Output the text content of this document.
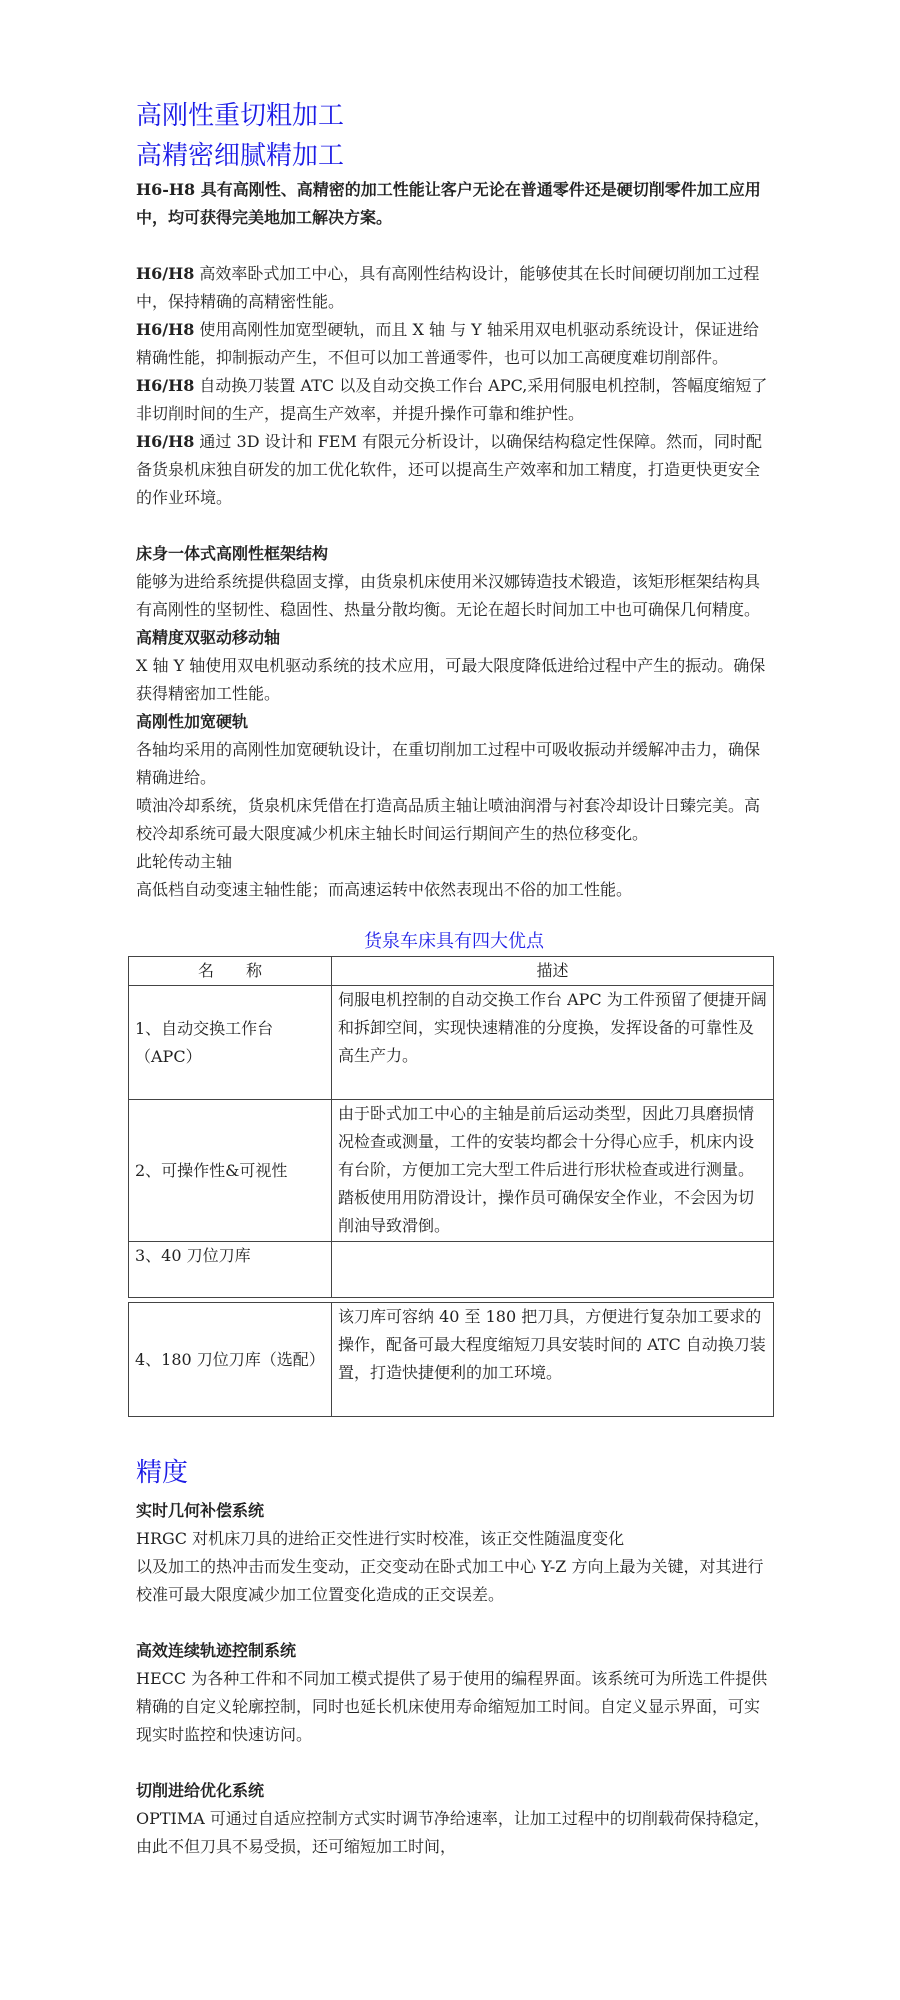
高刚性重切粗加工
高精密细腻精加工

H6-H8 具有高刚性、高精密的加工性能让客户无论在普通零件还是硬切削零件加工应用中，均可获得完美地加工解决方案。

H6/H8 高效率卧式加工中心，具有高刚性结构设计，能够使其在长时间硬切削加工过程中，保持精确的高精密性能。

H6/H8 使用高刚性加宽型硬轨，而且 X 轴 与 Y 轴采用双电机驱动系统设计，保证进给精确性能，抑制振动产生，不但可以加工普通零件，也可以加工高硬度难切削部件。

H6/H8 自动换刀装置 ATC 以及自动交换工作台 APC,采用伺服电机控制，答幅度缩短了非切削时间的生产，提高生产效率，并提升操作可靠和维护性。

H6/H8 通过 3D 设计和 FEM 有限元分析设计，以确保结构稳定性保障。然而，同时配备货泉机床独自研发的加工优化软件，还可以提高生产效率和加工精度，打造更快更安全的作业环境。

床身一体式高刚性框架结构

能够为进给系统提供稳固支撑，由货泉机床使用米汉娜铸造技术锻造，该矩形框架结构具有高刚性的坚韧性、稳固性、热量分散均衡。无论在超长时间加工中也可确保几何精度。

高精度双驱动移动轴

X 轴 Y 轴使用双电机驱动系统的技术应用，可最大限度降低进给过程中产生的振动。确保获得精密加工性能。

高刚性加宽硬轨

各轴均采用的高刚性加宽硬轨设计，在重切削加工过程中可吸收振动并缓解冲击力，确保精确进给。

喷油冷却系统，货泉机床凭借在打造高品质主轴让喷油润滑与衬套冷却设计日臻完美。高校冷却系统可最大限度减少机床主轴长时间运行期间产生的热位移变化。

此轮传动主轴

高低档自动变速主轴性能；而高速运转中依然表现出不俗的加工性能。

货泉车床具有四大优点
名　　称	描述
1、自动交换工作台（APC）	伺服电机控制的自动交换工作台 APC 为工件预留了便捷开阔和拆卸空间，实现快速精准的分度换，发挥设备的可靠性及高生产力。
2、可操作性&可视性	由于卧式加工中心的主轴是前后运动类型，因此刀具磨损情况检查或测量，工件的安装均都会十分得心应手，机床内设有台阶，方便加工完大型工件后进行形状检查或进行测量。踏板使用用防滑设计，操作员可确保安全作业，不会因为切削油导致滑倒。
3、40 刀位刀库	
4、180 刀位刀库（选配）	该刀库可容纳 40 至 180 把刀具，方便进行复杂加工要求的操作，配备可最大程度缩短刀具安装时间的 ATC 自动换刀装置，打造快捷便利的加工环境。
精度

实时几何补偿系统

HRGC 对机床刀具的进给正交性进行实时校准，该正交性随温度变化

以及加工的热冲击而发生变动，正交变动在卧式加工中心 Y-Z 方向上最为关键，对其进行校准可最大限度减少加工位置变化造成的正交误差。

高效连续轨迹控制系统

HECC 为各种工件和不同加工模式提供了易于使用的编程界面。该系统可为所选工件提供精确的自定义轮廓控制，同时也延长机床使用寿命缩短加工时间。自定义显示界面，可实现实时监控和快速访问。

切削进给优化系统

OPTIMA 可通过自适应控制方式实时调节净给速率，让加工过程中的切削载荷保持稳定，由此不但刀具不易受损，还可缩短加工时间，
